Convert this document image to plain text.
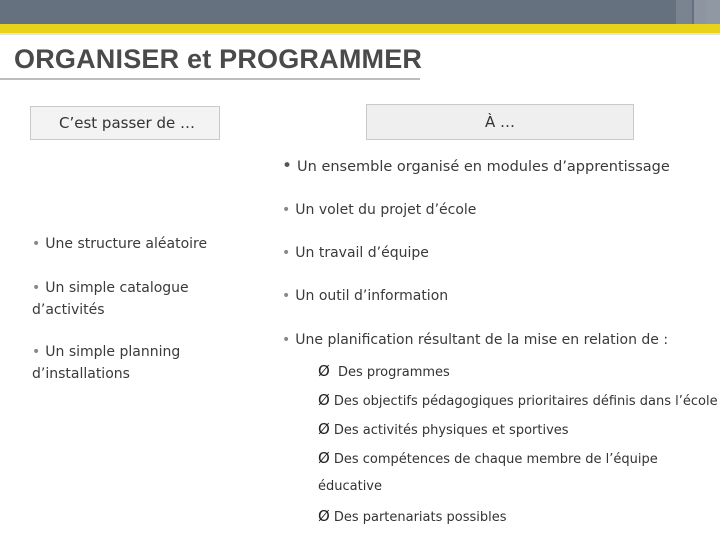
ORGANISER et PROGRAMMER
C’est passer de …	À …
• Une structure aléatoire
• Un simple catalogue
d’activités
• Un simple planning
d’installations
• Un ensemble organisé en modules d’apprentissage
• Un volet du projet d’école
• Un travail d’équipe
• Un outil d’information
• Une planification résultant de la mise en relation de :
Ø Des programmes
Ø Des objectifs pédagogiques prioritaires définis dans l’école
Ø Des activités physiques et sportives
Ø Des compétences de chaque membre de l’équipe
éducative
Ø Des partenariats possibles
